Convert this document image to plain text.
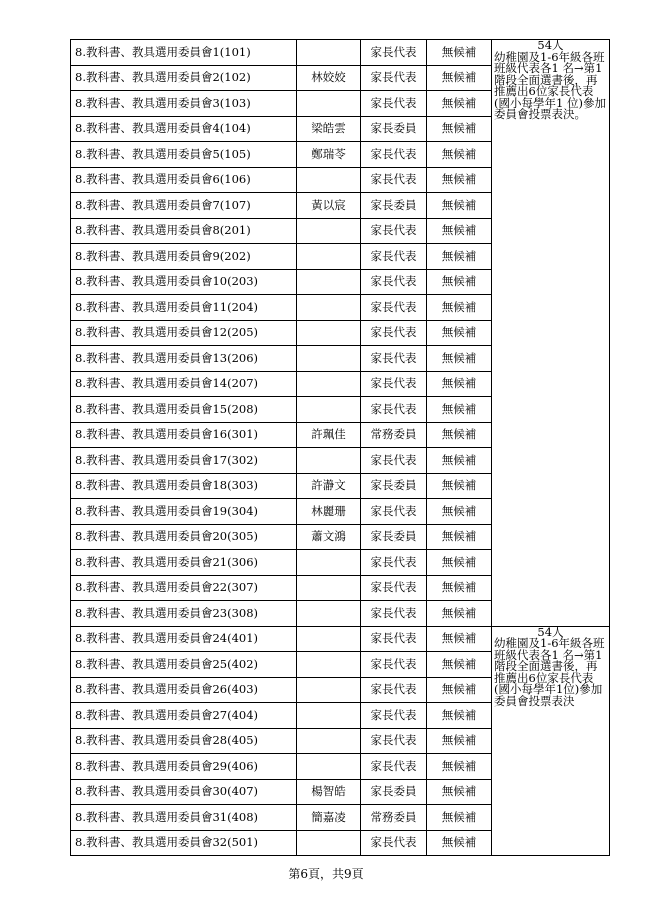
8.教科書、教具選用委員會1(101)		家長代表	無候補	54人
幼稚園及1-6年級各班班級代表各1 名→第1 階段全面選書後，再推薦出6位家長代表(國小每學年1 位)參加委員會投票表決。

8.教科書、教具選用委員會2(102)	林姣姣	家長代表	無候補	
8.教科書、教具選用委員會3(103)		家長代表	無候補	
8.教科書、教具選用委員會4(104)	梁皓雲	家長委員	無候補	
8.教科書、教具選用委員會5(105)	鄭瑞苓	家長代表	無候補	
8.教科書、教具選用委員會6(106)		家長代表	無候補	
8.教科書、教具選用委員會7(107)	黃以宸	家長委員	無候補	
8.教科書、教具選用委員會8(201)		家長代表	無候補	
8.教科書、教具選用委員會9(202)		家長代表	無候補	
8.教科書、教具選用委員會10(203)		家長代表	無候補	
8.教科書、教具選用委員會11(204)		家長代表	無候補	
8.教科書、教具選用委員會12(205)		家長代表	無候補	
8.教科書、教具選用委員會13(206)		家長代表	無候補	
8.教科書、教具選用委員會14(207)		家長代表	無候補	
8.教科書、教具選用委員會15(208)		家長代表	無候補	
8.教科書、教具選用委員會16(301)	許珮佳	常務委員	無候補	
8.教科書、教具選用委員會17(302)		家長代表	無候補	
8.教科書、教具選用委員會18(303)	許瀞文	家長委員	無候補	
8.教科書、教具選用委員會19(304)	林麗珊	家長代表	無候補	
8.教科書、教具選用委員會20(305)	蕭文鴻	家長委員	無候補	
8.教科書、教具選用委員會21(306)		家長代表	無候補	
8.教科書、教具選用委員會22(307)		家長代表	無候補	
8.教科書、教具選用委員會23(308)		家長代表	無候補	
8.教科書、教具選用委員會24(401)		家長代表	無候補	54人
幼稚園及1-6年級各班班級代表各1 名→第1階段全面選書後，再推薦出6位家長代表(國小每學年1位)參加委員會投票表決

8.教科書、教具選用委員會25(402)		家長代表	無候補	
8.教科書、教具選用委員會26(403)		家長代表	無候補	
8.教科書、教具選用委員會27(404)		家長代表	無候補	
8.教科書、教具選用委員會28(405)		家長代表	無候補	
8.教科書、教具選用委員會29(406)		家長代表	無候補	
8.教科書、教具選用委員會30(407)	楊智皓	家長委員	無候補	
8.教科書、教具選用委員會31(408)	簡嘉凌	常務委員	無候補	
8.教科書、教具選用委員會32(501)		家長代表	無候補	
第6頁，共9頁
